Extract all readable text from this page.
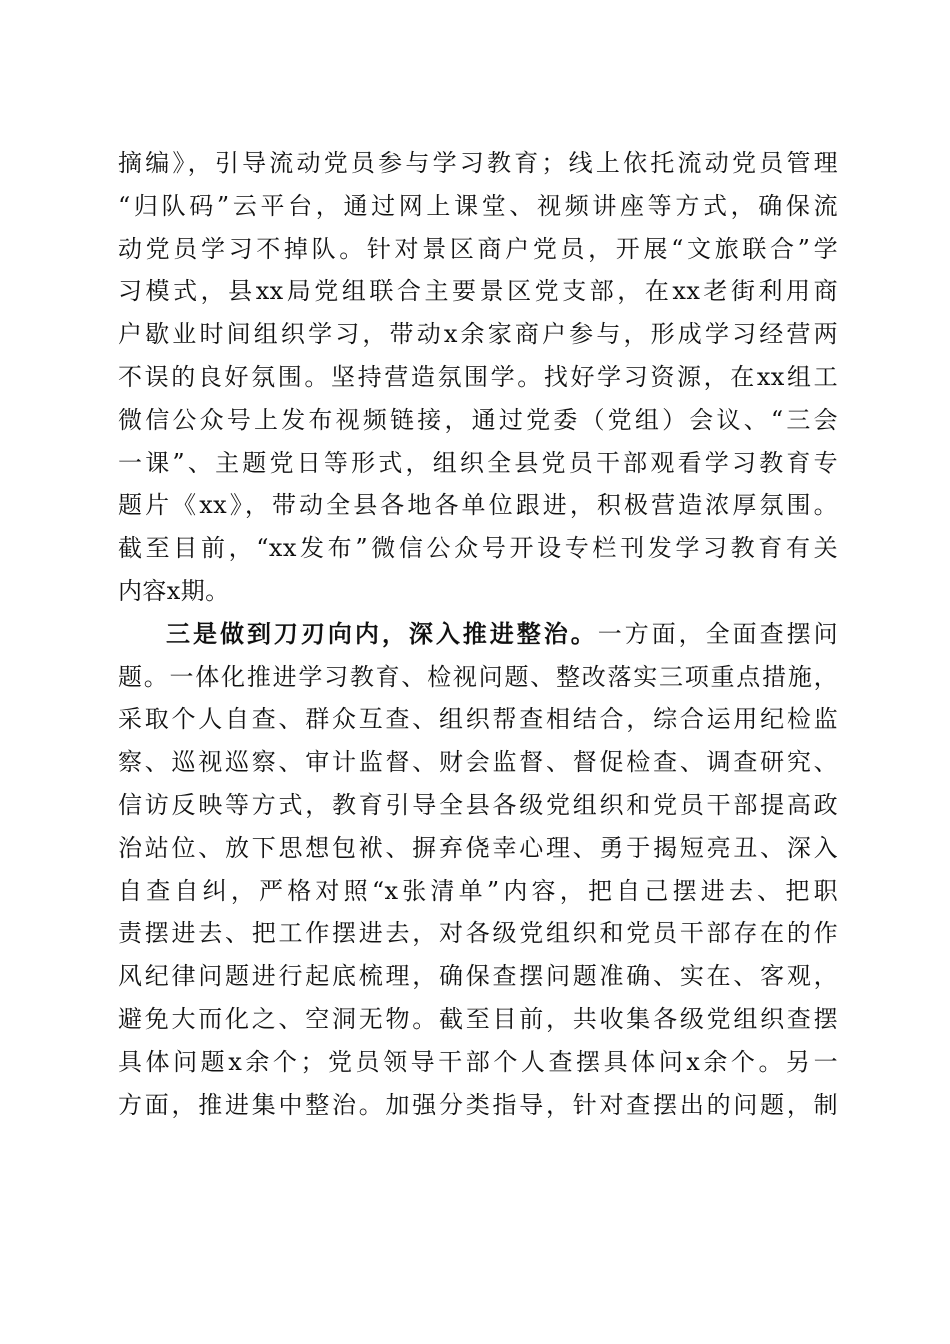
摘编》，引导流动党员参与学习教育；线上依托流动党员管理
“归队码”云平台，通过网上课堂、视频讲座等方式，确保流
动党员学习不掉队。针对景区商户党员，开展“文旅联合”学
习模式，县xx局党组联合主要景区党支部，在xx老街利用商
户歇业时间组织学习，带动x余家商户参与，形成学习经营两
不误的良好氛围。坚持营造氛围学。找好学习资源，在xx组工
微信公众号上发布视频链接，通过党委（党组）会议、“三会
一课”、主题党日等形式，组织全县党员干部观看学习教育专
题片《xx》，带动全县各地各单位跟进，积极营造浓厚氛围。
截至目前，“xx发布”微信公众号开设专栏刊发学习教育有关
内容x期。
三是做到刀刃向内，深入推进整治。一方面，全面查摆问
题。一体化推进学习教育、检视问题、整改落实三项重点措施，
采取个人自查、群众互查、组织帮查相结合，综合运用纪检监
察、巡视巡察、审计监督、财会监督、督促检查、调查研究、
信访反映等方式，教育引导全县各级党组织和党员干部提高政
治站位、放下思想包袱、摒弃侥幸心理、勇于揭短亮丑、深入
自查自纠，严格对照“x张清单”内容，把自己摆进去、把职
责摆进去、把工作摆进去，对各级党组织和党员干部存在的作
风纪律问题进行起底梳理，确保查摆问题准确、实在、客观，
避免大而化之、空洞无物。截至目前，共收集各级党组织查摆
具体问题x余个；党员领导干部个人查摆具体问x余个。另一
方面，推进集中整治。加强分类指导，针对查摆出的问题，制
